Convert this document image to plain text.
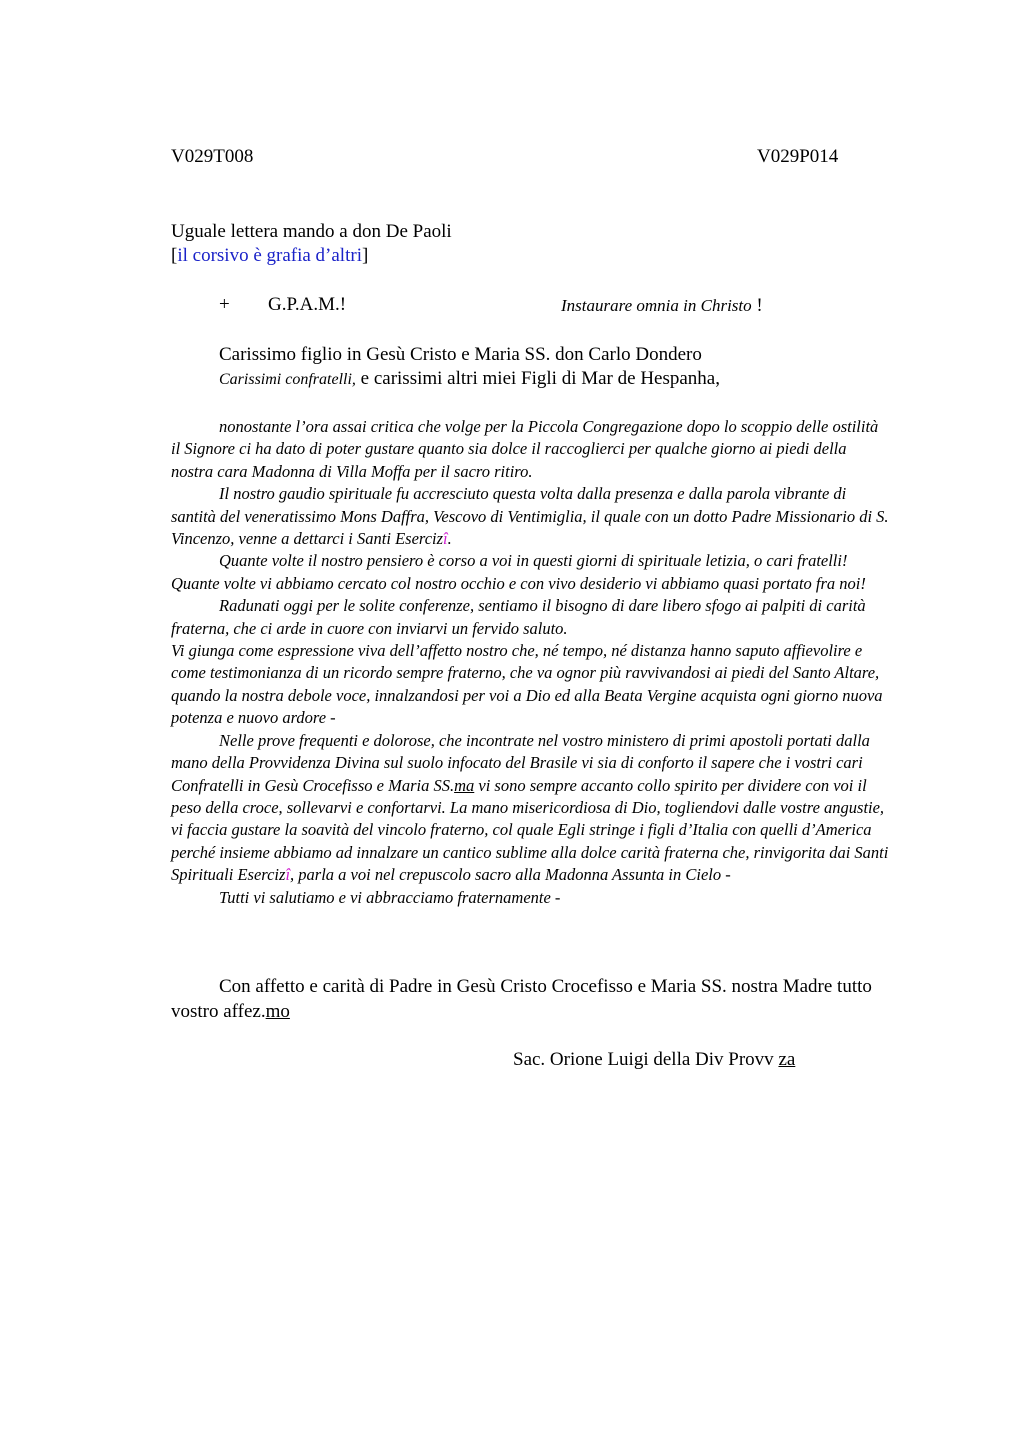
V029T008	V029P014
Uguale lettera mando a don De Paoli
[il corsivo è grafia d’altri]
+ G.P.A.M.!	Instaurare omnia in Christo !
Carissimo figlio in Gesù Cristo e Maria SS. don Carlo Dondero
Carissimi confratelli, e carissimi altri miei Figli di Mar de Hespanha,

nonostante l’ora assai critica che volge per la Piccola Congregazione dopo lo scoppio delle ostilità il Signore ci ha dato di poter gustare quanto sia dolce il raccoglierci per qualche giorno ai piedi della nostra cara Madonna di Villa Moffa per il sacro ritiro.

Il nostro gaudio spirituale fu accresciuto questa volta dalla presenza e dalla parola vibrante di santità del veneratissimo Mons Daffra, Vescovo di Ventimiglia, il quale con un dotto Padre Missionario di S. Vincenzo, venne a dettarci i Santi Esercizî.

Quante volte il nostro pensiero è corso a voi in questi giorni di spirituale letizia, o cari fratelli! Quante volte vi abbiamo cercato col nostro occhio e con vivo desiderio vi abbiamo quasi portato fra noi!

Radunati oggi per le solite conferenze, sentiamo il bisogno di dare libero sfogo ai palpiti di carità fraterna, che ci arde in cuore con inviarvi un fervido saluto.

Vi giunga come espressione viva dell’affetto nostro che, né tempo, né distanza hanno saputo affievolire e come testimonianza di un ricordo sempre fraterno, che va ognor più ravvivandosi ai piedi del Santo Altare, quando la nostra debole voce, innalzandosi per voi a Dio ed alla Beata Vergine acquista ogni giorno nuova potenza e nuovo ardore -

Nelle prove frequenti e dolorose, che incontrate nel vostro ministero di primi apostoli portati dalla mano della Provvidenza Divina sul suolo infocato del Brasile vi sia di conforto il sapere che i vostri cari Confratelli in Gesù Crocefisso e Maria SS.ma vi sono sempre accanto collo spirito per dividere con voi il peso della croce, sollevarvi e confortarvi. La mano misericordiosa di Dio, togliendovi dalle vostre angustie, vi faccia gustare la soavità del vincolo fraterno, col quale Egli stringe i figli d’Italia con quelli d’America perché insieme abbiamo ad innalzare un cantico sublime alla dolce carità fraterna che, rinvigorita dai Santi Spirituali Esercizî, parla a voi nel crepuscolo sacro alla Madonna Assunta in Cielo -

Tutti vi salutiamo e vi abbracciamo fraternamente -

Con affetto e carità di Padre in Gesù Cristo Crocefisso e Maria SS. nostra Madre tutto vostro affez.mo

Sac. Orione Luigi della Div Provv za
